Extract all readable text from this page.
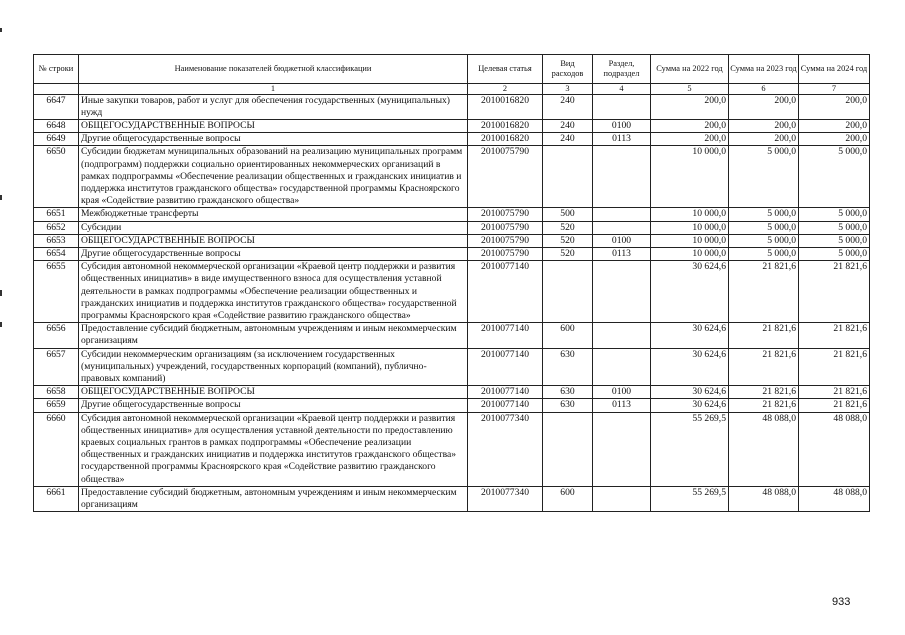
№ строки	Наименование показателей бюджетной классификации	Целевая статья	Вид расходов	Раздел, подраздел	Сумма на 2022 год	Сумма на 2023 год	Сумма на 2024 год
	1	2	3	4	5	6	7
6647	Иные закупки товаров, работ и услуг для обеспечения государственных (муниципальных) нужд	2010016820	240		200,0	200,0	200,0
6648	ОБЩЕГОСУДАРСТВЕННЫЕ ВОПРОСЫ	2010016820	240	0100	200,0	200,0	200,0
6649	Другие общегосударственные вопросы	2010016820	240	0113	200,0	200,0	200,0
6650	Субсидии бюджетам муниципальных образований на реализацию муниципальных программ (подпрограмм) поддержки социально ориентированных некоммерческих организаций в рамках подпрограммы «Обеспечение реализации общественных и гражданских инициатив и поддержка институтов гражданского общества» государственной программы Красноярского края «Содействие развитию гражданского общества»	2010075790			10 000,0	5 000,0	5 000,0
6651	Межбюджетные трансферты	2010075790	500		10 000,0	5 000,0	5 000,0
6652	Субсидии	2010075790	520		10 000,0	5 000,0	5 000,0
6653	ОБЩЕГОСУДАРСТВЕННЫЕ ВОПРОСЫ	2010075790	520	0100	10 000,0	5 000,0	5 000,0
6654	Другие общегосударственные вопросы	2010075790	520	0113	10 000,0	5 000,0	5 000,0
6655	Субсидия автономной некоммерческой организации «Краевой центр поддержки и развития общественных инициатив» в виде имущественного взноса для осуществления уставной деятельности в рамках подпрограммы «Обеспечение реализации общественных и гражданских инициатив и поддержка институтов гражданского общества» государственной программы Красноярского края «Содействие развитию гражданского общества»	2010077140			30 624,6	21 821,6	21 821,6
6656	Предоставление субсидий бюджетным, автономным учреждениям и иным некоммерческим организациям	2010077140	600		30 624,6	21 821,6	21 821,6
6657	Субсидии некоммерческим организациям (за исключением государственных (муниципальных) учреждений, государственных корпораций (компаний), публично-правовых компаний)	2010077140	630		30 624,6	21 821,6	21 821,6
6658	ОБЩЕГОСУДАРСТВЕННЫЕ ВОПРОСЫ	2010077140	630	0100	30 624,6	21 821,6	21 821,6
6659	Другие общегосударственные вопросы	2010077140	630	0113	30 624,6	21 821,6	21 821,6
6660	Субсидия автономной некоммерческой организации «Краевой центр поддержки и развития общественных инициатив» для осуществления уставной деятельности по предоставлению краевых социальных грантов в рамках подпрограммы «Обеспечение реализации общественных и гражданских инициатив и поддержка институтов гражданского общества» государственной программы Красноярского края «Содействие развитию гражданского общества»	2010077340			55 269,5	48 088,0	48 088,0
6661	Предоставление субсидий бюджетным, автономным учреждениям и иным некоммерческим организациям	2010077340	600		55 269,5	48 088,0	48 088,0
933
